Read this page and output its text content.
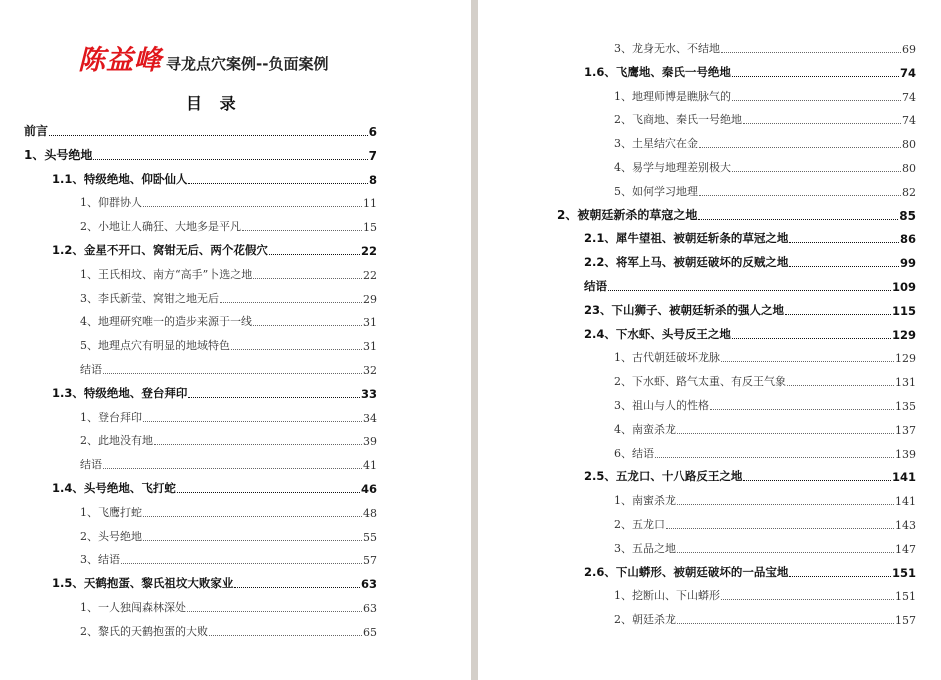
陈益峰 寻龙点穴案例--负面案例
目 录
前言	6
1、头号绝地	7
1.1、特级绝地、仰卧仙人	8
1、仰群协人	11
2、小地让人确狂、大地多是平凡	15
1.2、金星不开口、窝钳无后、两个花假穴	22
1、王氏相坟、南方“高手”卜选之地	22
3、李氏新莹、窝钳之地无后	29
4、地理研究唯一的造步来源于一线	31
5、地理点穴有明显的地域特色	31
结语	32
1.3、特级绝地、登台拜印	33
1、登台拜印	34
2、此地没有地	39
结语	41
1.4、头号绝地、飞打蛇	46
1、飞鹰打蛇	48
2、头号绝地	55
3、结语	57
1.5、天鹤抱蛋、黎氏祖坟大败家业	63
1、一人独闯森林深处	63
2、黎氏的天鹤抱蛋的大败	65
3、龙身无水、不结地	69
1.6、飞鹰地、秦氏一号绝地	74
1、地理师博是瞧脉气的	74
2、飞商地、秦氏一号绝地	74
3、土星结穴在金	80
4、易学与地理差别极大	80
5、如何学习地理	82
2、被朝廷新杀的草寇之地	85
2.1、犀牛望祖、被朝廷斩条的草冠之地	86
2.2、将军上马、被朝廷破坏的反贼之地	99
结语	109
23、下山狮子、被朝廷斩杀的强人之地	115
2.4、下水虾、头号反王之地	129
1、古代朝廷破坏龙脉	129
2、下水虾、路气太重、有反王气象	131
3、祖山与人的性格	135
4、南蛮杀龙	137
6、结语	139
2.5、五龙口、十八路反王之地	141
1、南蜜杀龙	141
2、五龙口	143
3、五品之地	147
2.6、下山蟒形、被朝廷破坏的一品宝地	151
1、挖断山、下山蟒形	151
2、朝廷杀龙	157
